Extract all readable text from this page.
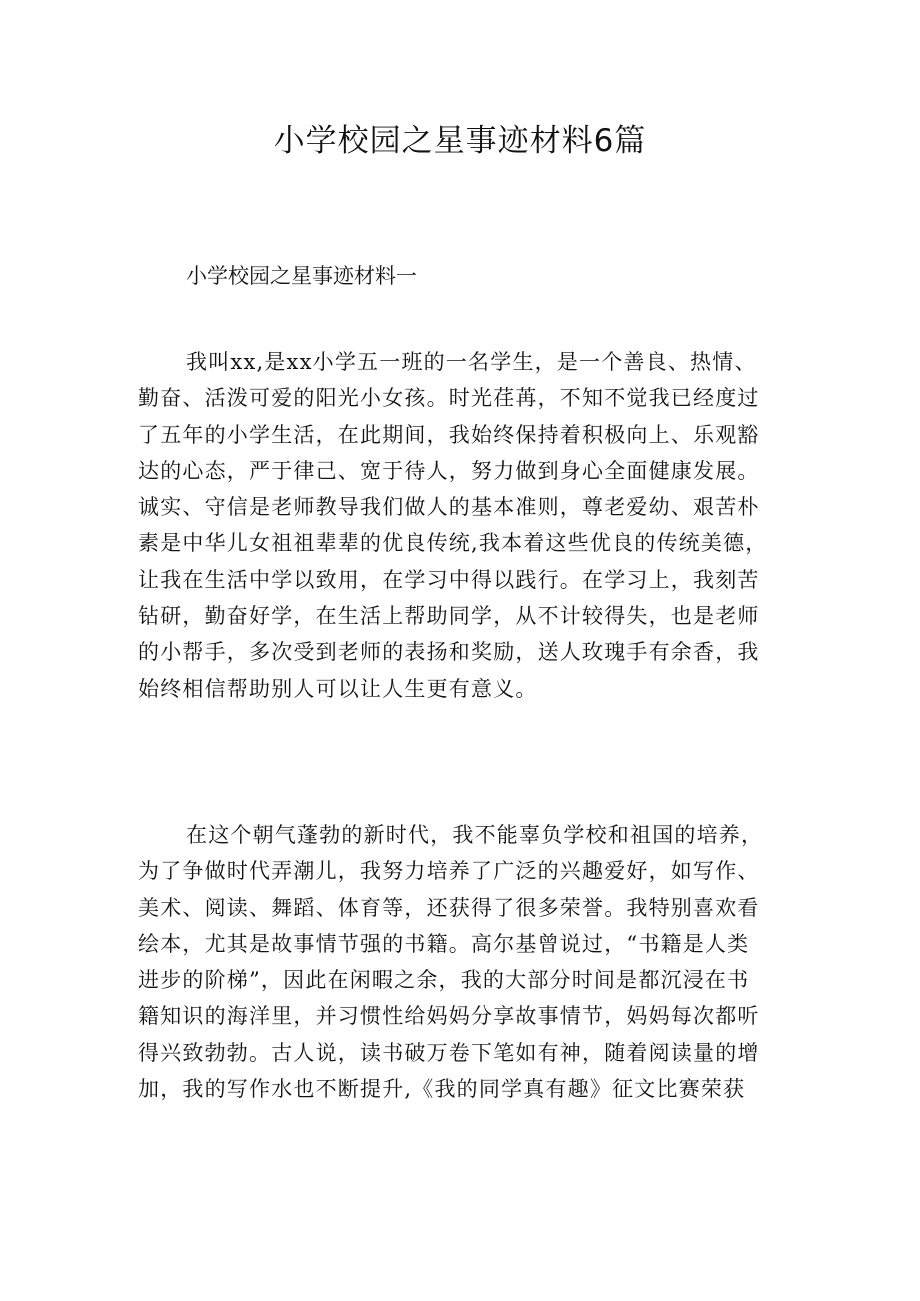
小学校园之星事迹材料6篇
小学校园之星事迹材料一

我叫xx,是xx小学五一班的一名学生，是一个善良、热情、
勤奋、活泼可爱的阳光小女孩。时光荏苒，不知不觉我已经度过
了五年的小学生活，在此期间，我始终保持着积极向上、乐观豁
达的心态，严于律己、宽于待人，努力做到身心全面健康发展。
诚实、守信是老师教导我们做人的基本准则，尊老爱幼、艰苦朴
素是中华儿女祖祖辈辈的优良传统,我本着这些优良的传统美德，
让我在生活中学以致用，在学习中得以践行。在学习上，我刻苦
钻研，勤奋好学，在生活上帮助同学，从不计较得失，也是老师
的小帮手，多次受到老师的表扬和奖励，送人玫瑰手有余香，我
始终相信帮助别人可以让人生更有意义。

在这个朝气蓬勃的新时代，我不能辜负学校和祖国的培养，
为了争做时代弄潮儿，我努力培养了广泛的兴趣爱好，如写作、
美术、阅读、舞蹈、体育等，还获得了很多荣誉。我特别喜欢看
绘本，尤其是故事情节强的书籍。高尔基曾说过，“书籍是人类
进步的阶梯”，因此在闲暇之余，我的大部分时间是都沉浸在书
籍知识的海洋里，并习惯性给妈妈分享故事情节，妈妈每次都听
得兴致勃勃。古人说，读书破万卷下笔如有神，随着阅读量的增
加，我的写作水也不断提升,《我的同学真有趣》征文比赛荣获
